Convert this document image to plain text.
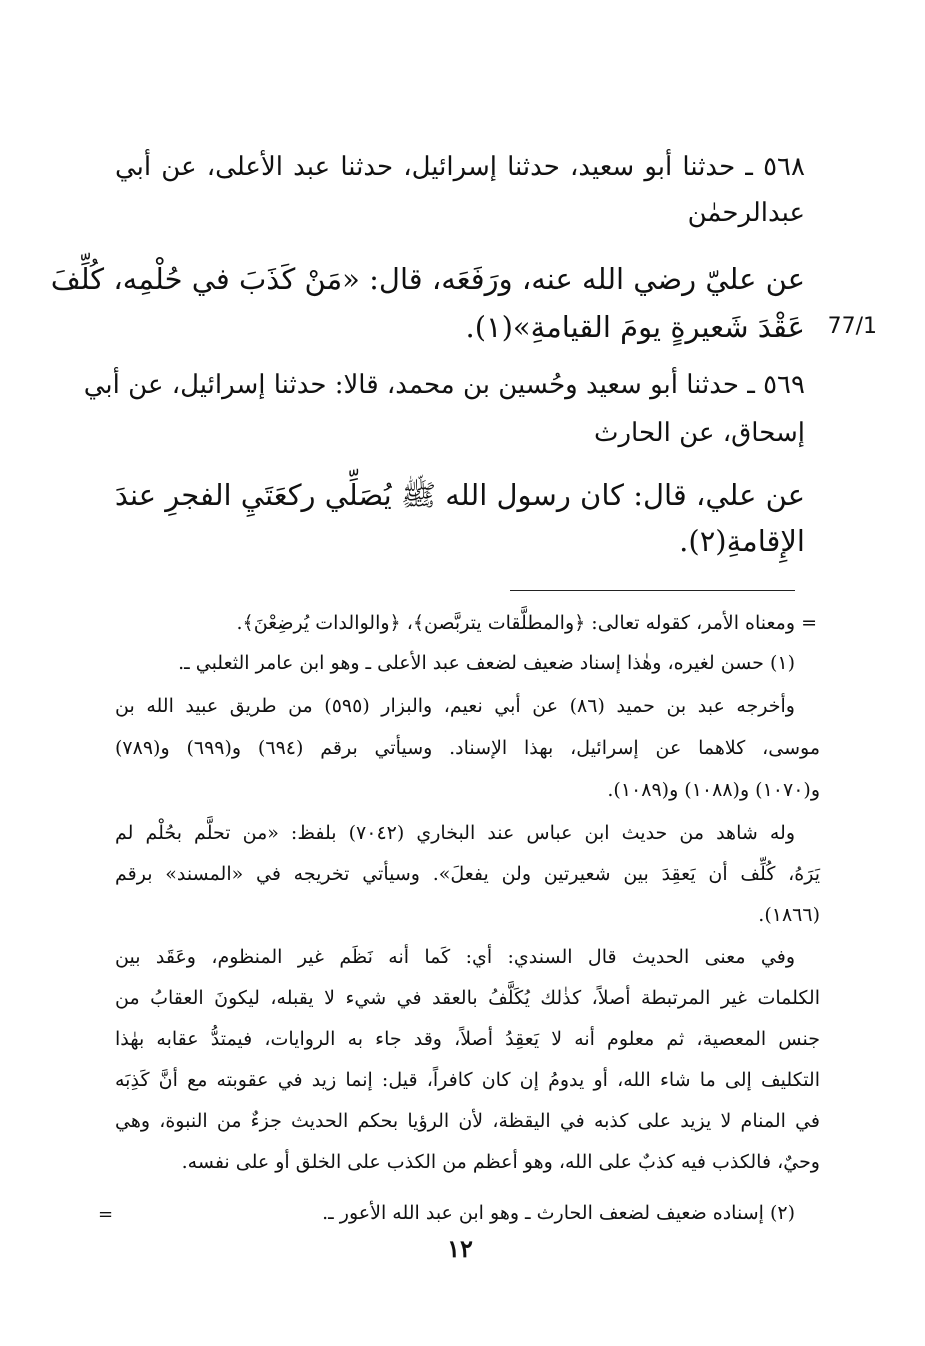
٥٦٨ ـ حدثنا أبو سعيد، حدثنا إسرائيل، حدثنا عبد الأعلى، عن أبي
عبدالرحمٰن
عن عليّ رضي الله عنه، ورَفَعَه، قال: «مَنْ كَذَبَ في حُلْمِه، كُلِّفَ
عَقْدَ شَعيرةٍ يومَ القيامةِ»(١). 77/1
٥٦٩ ـ حدثنا أبو سعيد وحُسين بن محمد، قالا: حدثنا إسرائيل، عن أبي
إسحاق، عن الحارث
عن علي، قال: كان رسول الله ﷺ يُصَلِّي ركعَتَيِ الفجرِ عندَ
الإِقامةِ(٢).
= ومعناه الأمر، كقوله تعالى: ﴿والمطلَّقات يتربَّصن﴾، ﴿والوالدات يُرضِعْنَ﴾.
(١) حسن لغيره، وهٰذا إسناد ضعيف لضعف عبد الأعلى ـ وهو ابن عامر الثعلبي ـ.
وأخرجه عبد بن حميد (٨٦) عن أبي نعيم، والبزار (٥٩٥) من طريق عبيد الله بن
موسى، كلاهما عن إسرائيل، بهذا الإسناد. وسيأتي برقم (٦٩٤) و(٦٩٩) و(٧٨٩)
و(١٠٧٠) و(١٠٨٨) و(١٠٨٩).
وله شاهد من حديث ابن عباس عند البخاري (٧٠٤٢) بلفظ: «من تحلَّم بحُلْم لم
يَرَهُ، كُلِّف أن يَعقِدَ بين شعيرتين ولن يفعلَ». وسيأتي تخريجه في «المسند» برقم
(١٨٦٦).
وفي معنى الحديث قال السندي: أي: كَما أنه نَظَم غير المنظوم، وعَقَد بين
الكلمات غير المرتبطة أصلاً، كذٰلك يُكَلَّفُ بالعقد في شيء لا يقبله، ليكونَ العقابُ من
جنس المعصية، ثم معلوم أنه لا يَعقِدُ أصلاً، وقد جاء به الروايات، فيمتدُّ عقابه بهٰذا
التكليف إلى ما شاء الله، أو يدومُ إن كان كافراً، قيل: إنما زيد في عقوبته مع أنَّ كَذِبَه
في المنام لا يزيد على كذبه في اليقظة، لأن الرؤيا بحكم الحديث جزءٌ من النبوة، وهي
وحيٌ، فالكذب فيه كذبٌ على الله، وهو أعظم من الكذب على الخلق أو على نفسه.
(٢) إسناده ضعيف لضعف الحارث ـ وهو ابن عبد الله الأعور ـ.
=
١٢
